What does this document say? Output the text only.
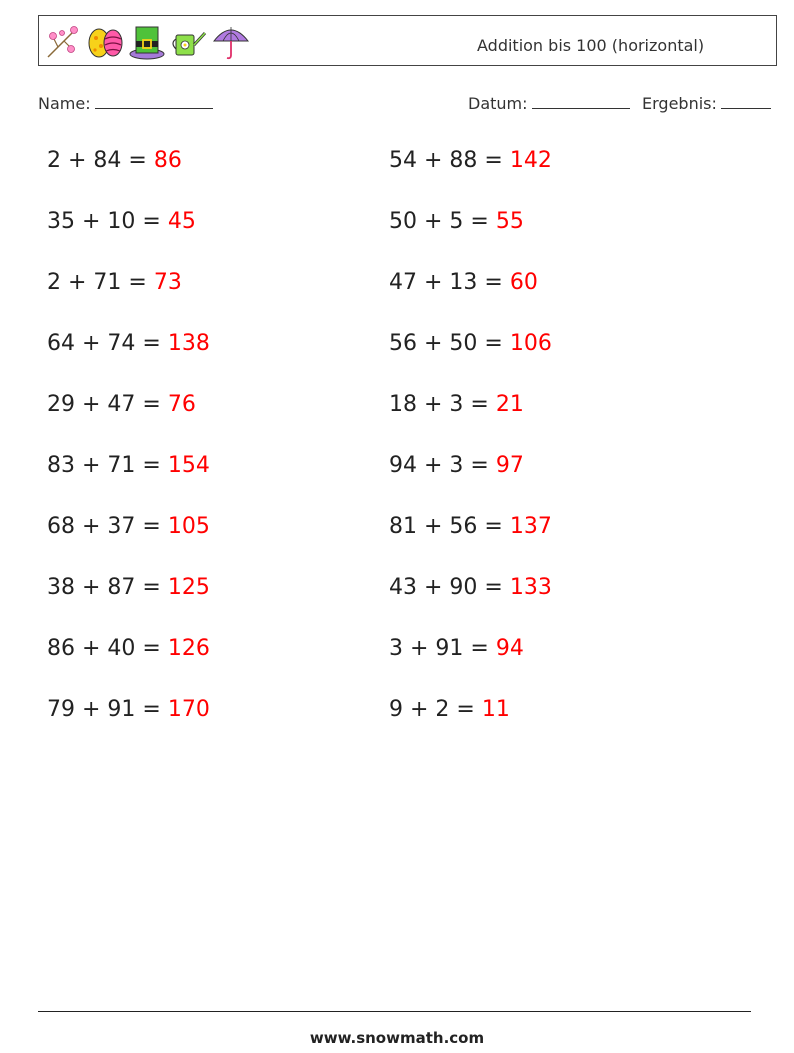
Addition bis 100 (horizontal)
Name:	Datum:	Ergebnis:
2 + 84 = 86	54 + 88 = 142
35 + 10 = 45	50 + 5 = 55
2 + 71 = 73	47 + 13 = 60
64 + 74 = 138	56 + 50 = 106
29 + 47 = 76	18 + 3 = 21
83 + 71 = 154	94 + 3 = 97
68 + 37 = 105	81 + 56 = 137
38 + 87 = 125	43 + 90 = 133
86 + 40 = 126	3 + 91 = 94
79 + 91 = 170	9 + 2 = 11
www.snowmath.com
